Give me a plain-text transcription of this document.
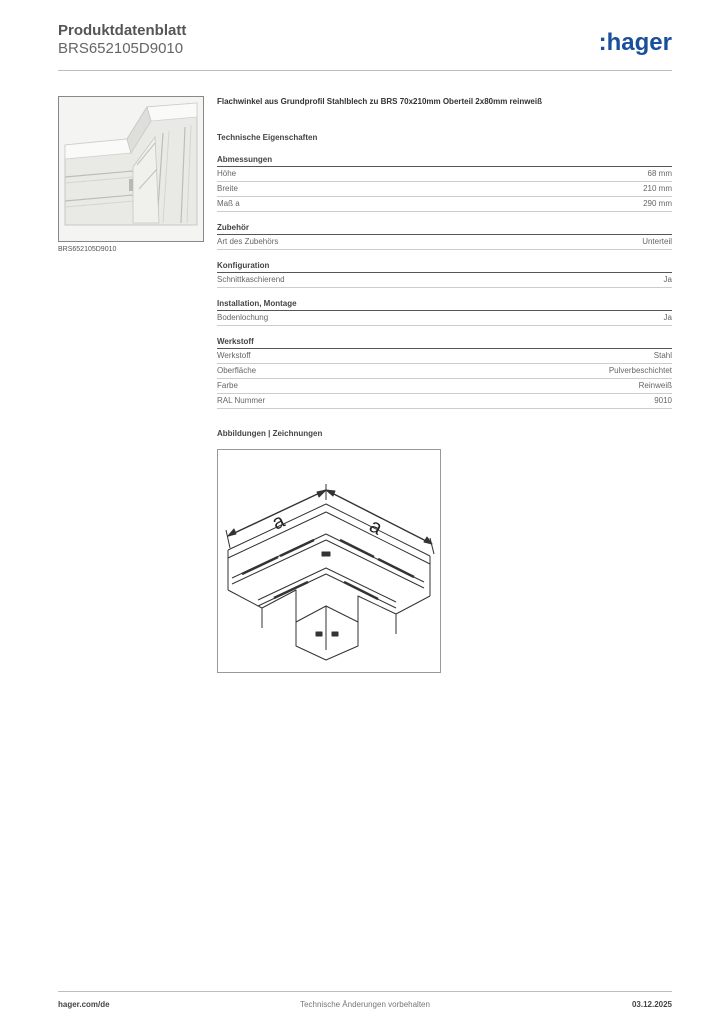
Produktdatenblatt
BRS652105D9010	:hager
BRS652105D9010
Flachwinkel aus Grundprofil Stahlblech zu BRS 70x210mm Oberteil 2x80mm reinweiß
Technische Eigenschaften
Abmessungen
Höhe	68 mm
Breite	210 mm
Maß a	290 mm
Zubehör
Art des Zubehörs	Unterteil
Konfiguration
Schnittkaschierend	Ja
Installation, Montage
Bodenlochung	Ja
Werkstoff
Werkstoff	Stahl
Oberfläche	Pulverbeschichtet
Farbe	Reinweiß
RAL Nummer	9010
Abbildungen | Zeichnungen
a	a
hager.com/de	Technische Änderungen vorbehalten	03.12.2025
